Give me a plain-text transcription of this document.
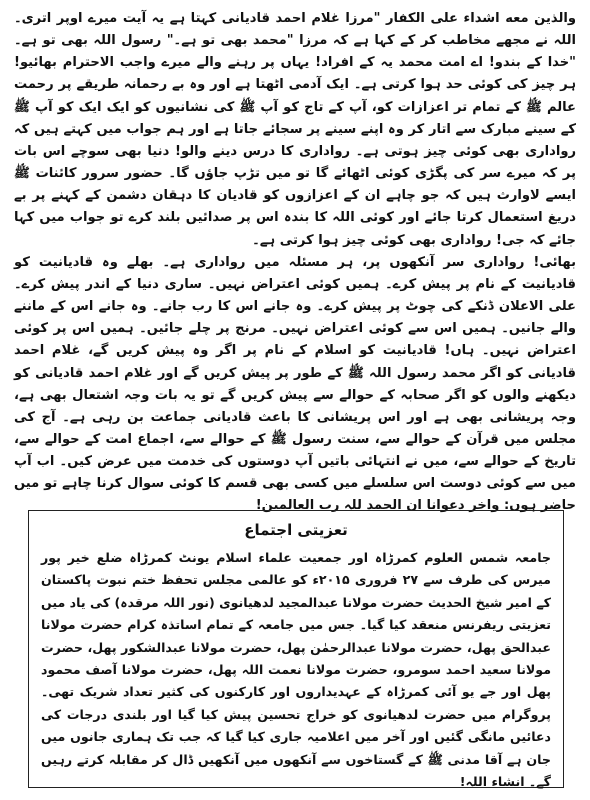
والذين معه اشداء على الكفار "مرزا غلام احمد قادیانی کہتا ہے یہ آیت میرے اوپر اتری۔ اللہ نے مجھے مخاطب کر کے کہا ہے کہ مرزا "محمد بھی تو ہے۔" رسول اللہ بھی تو ہے۔ "خدا کے بندو! اے امت محمد یہ کے افراد! یہاں پر رہنے والے میرے واجب الاحترام بھائیو! ہر چیز کی کوئی حد ہوا کرتی ہے۔ ایک آدمی اٹھتا ہے اور وہ بے رحمانہ طریقے پر رحمت عالم ﷺ کے تمام تر اعزازات کو، آپ کے تاج کو آپ ﷺ کی نشانیوں کو ایک ایک کو آپ ﷺ کے سینے مبارک سے اتار کر وہ اپنے سینے پر سجائے جاتا ہے اور ہم جواب میں کہتے ہیں کہ رواداری بھی کوئی چیز ہوتی ہے۔ رواداری کا درس دینے والو! دنیا بھی سوچے اس بات پر کہ میرے سر کی پگڑی کوئی اٹھائے گا تو میں تڑپ جاؤں گا۔ حضور سرور کائنات ﷺ ایسے لاوارث ہیں کہ جو چاہے ان کے اعزازوں کو قادیان کا دہقان دشمن کے کہنے پر بے دریغ استعمال کرتا جائے اور کوئی اللہ کا بندہ اس پر صدائیں بلند کرے تو جواب میں کہا جائے کہ جی! رواداری بھی کوئی چیز ہوا کرتی ہے۔

بھائی! رواداری سر آنکھوں پر، ہر مسئلہ میں رواداری ہے۔ بھلے وہ قادیانیت کو قادیانیت کے نام پر پیش کرے۔ ہمیں کوئی اعتراض نہیں۔ ساری دنیا کے اندر پیش کرے۔ علی الاعلان ڈنکے کی چوٹ پر پیش کرے۔ وہ جانے اس کا رب جانے۔ وہ جانے اس کے ماننے والے جانیں۔ ہمیں اس سے کوئی اعتراض نہیں۔ مرنج پر چلے جائیں۔ ہمیں اس پر کوئی اعتراض نہیں۔ ہاں! قادیانیت کو اسلام کے نام پر اگر وہ پیش کریں گے، غلام احمد قادیانی کو اگر محمد رسول اللہ ﷺ کے طور پر پیش کریں گے اور غلام احمد قادیانی کو دیکھنے والوں کو اگر صحابہ کے حوالے سے پیش کریں گے تو یہ بات وجہ اشتعال بھی ہے، وجہ پریشانی بھی ہے اور اس پریشانی کا باعث قادیانی جماعت بن رہی ہے۔ آج کی مجلس میں قرآن کے حوالے سے، سنت رسول ﷺ کے حوالے سے، اجماع امت کے حوالے سے، تاریخ کے حوالے سے، میں نے انتہائی باتیں آپ دوستوں کی خدمت میں عرض کیں۔ اب آپ میں سے کوئی دوست اس سلسلے میں کسی بھی قسم کا کوئی سوال کرنا چاہے تو میں حاضر ہوں: واخر دعوانا ان الحمد للہ رب العالمین!

تعزیتی اجتماع
جامعہ شمس العلوم کمرڑاہ اور جمعیت علماء اسلام یونٹ کمرڑاہ ضلع خیر پور میرس کی طرف سے ۲۷ فروری ۲۰۱۵ء کو عالمی مجلس تحفظ ختم نبوت پاکستان کے امیر شیخ الحدیث حضرت مولانا عبدالمجید لدھیانوی (نور اللہ مرقدہ) کی یاد میں تعزیتی ریفرنس منعقد کیا گیا۔ جس میں جامعہ کے تمام اساتذہ کرام حضرت مولانا عبدالحق پھل، حضرت مولانا عبدالرحمٰن پھل، حضرت مولانا عبدالشکور پھل، حضرت مولانا سعید احمد سومرو، حضرت مولانا نعمت اللہ پھل، حضرت مولانا آصف محمود پھل اور جے یو آئی کمرڑاہ کے عہدیداروں اور کارکنوں کی کثیر تعداد شریک تھی۔ پروگرام میں حضرت لدھیانوی کو خراج تحسین پیش کیا گیا اور بلندی درجات کی دعائیں مانگی گئیں اور آخر میں اعلامیہ جاری کیا گیا کہ جب تک ہماری جانوں میں جان ہے آقا مدنی ﷺ کے گستاخوں سے آنکھوں میں آنکھیں ڈال کر مقابلہ کرتے رہیں گے۔ انشاء اللہ!
